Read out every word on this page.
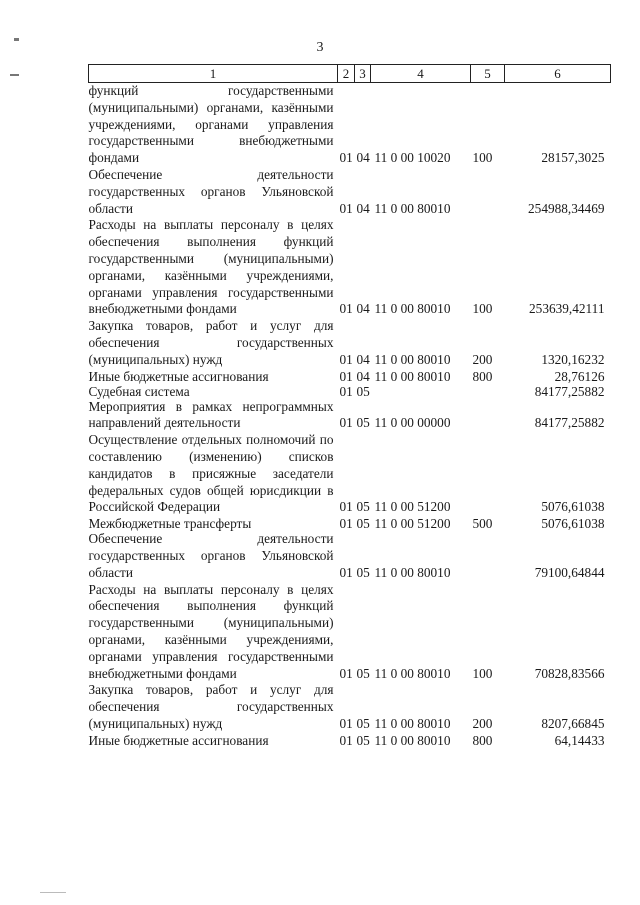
3
1	2	3	4	5	6
функций государственными (муниципальными) органами, казёнными учреждениями, органами управления государственными внебюджетными фондами	01	04	11 0 00 10020	100	28157,3025
Обеспечение деятельности государственных органов Ульяновской области	01	04	11 0 00 80010		254988,34469
Расходы на выплаты персоналу в целях обеспечения выполнения функций государственными (муниципальными) органами, казёнными учреждениями, органами управления государственными внебюджетными фондами	01	04	11 0 00 80010	100	253639,42111
Закупка товаров, работ и услуг для обеспечения государственных (муниципальных) нужд	01	04	11 0 00 80010	200	1320,16232
Иные бюджетные ассигнования	01	04	11 0 00 80010	800	28,76126
Судебная система	01	05			84177,25882
Мероприятия в рамках непрограммных направлений деятельности	01	05	11 0 00 00000		84177,25882
Осуществление отдельных полномочий по составлению (изменению) списков кандидатов в присяжные заседатели федеральных судов общей юрисдикции в Российской Федерации	01	05	11 0 00 51200		5076,61038
Межбюджетные трансферты	01	05	11 0 00 51200	500	5076,61038
Обеспечение деятельности государственных органов Ульяновской области	01	05	11 0 00 80010		79100,64844
Расходы на выплаты персоналу в целях обеспечения выполнения функций государственными (муниципальными) органами, казёнными учреждениями, органами управления государственными внебюджетными фондами	01	05	11 0 00 80010	100	70828,83566
Закупка товаров, работ и услуг для обеспечения государственных (муниципальных) нужд	01	05	11 0 00 80010	200	8207,66845
Иные бюджетные ассигнования	01	05	11 0 00 80010	800	64,14433
